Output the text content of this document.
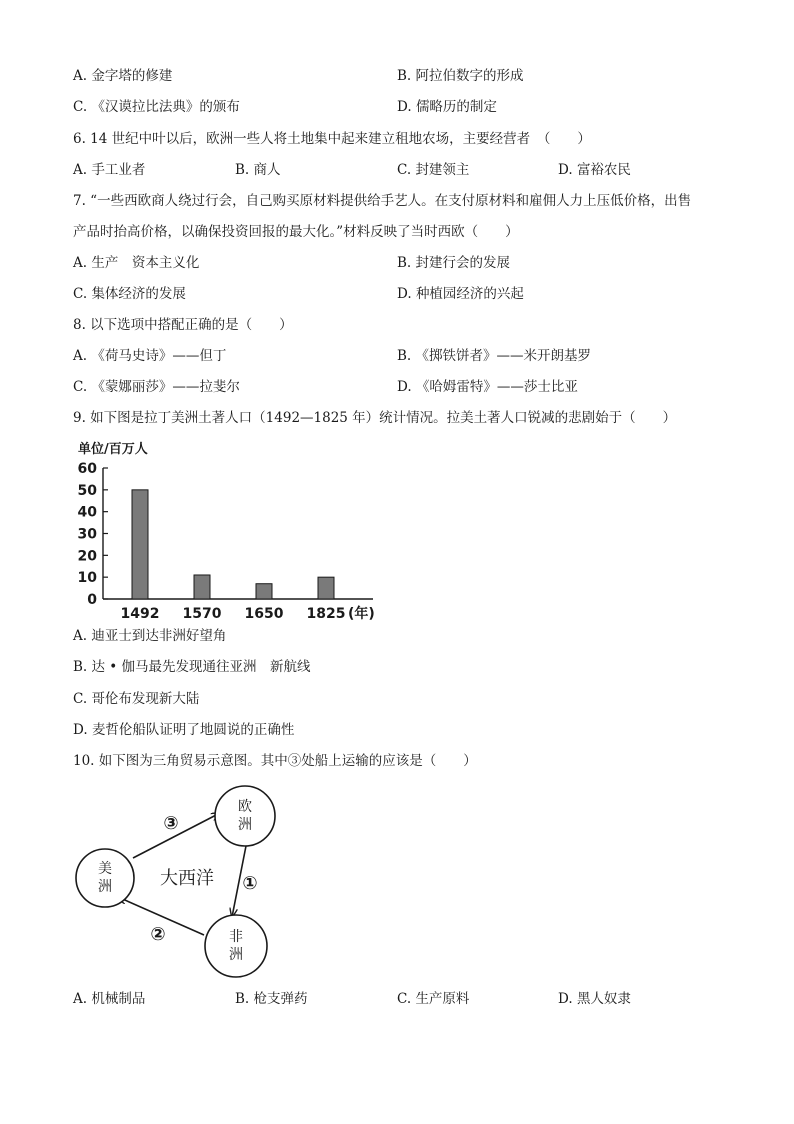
A. 金字塔的修建	B. 阿拉伯数字的形成
C. 《汉谟拉比法典》的颁布	D. 儒略历的制定
6. 14 世纪中叶以后，欧洲一些人将土地集中起来建立租地农场，主要经营者　（　　）
A. 手工业者	B. 商人	C. 封建领主	D. 富裕农民
7. “一些西欧商人绕过行会，自己购买原材料提供给手艺人。在支付原材料和雇佣人力上压低价格，出售
产品时抬高价格，以确保投资回报的最大化。”材料反映了当时西欧（　　）
A. 生产　资本主义化	B. 封建行会的发展
C. 集体经济的发展	D. 种植园经济的兴起
8. 以下选项中搭配正确的是（　　）
A. 《荷马史诗》——但丁	B. 《掷铁饼者》——米开朗基罗
C. 《蒙娜丽莎》——拉斐尔	D. 《哈姆雷特》——莎士比亚
9. 如下图是拉丁美洲土著人口（1492—1825 年）统计情况。拉美土著人口锐减的悲剧始于（　　）
单位/百万人
0
10
20
30
40
50
60
1492 1570 1650 1825 (年)
A. 迪亚士到达非洲好望角
B. 达 • 伽马最先发现通往亚洲　新航线
C. 哥伦布发现新大陆
D. 麦哲伦船队证明了地圆说的正确性
10. 如下图为三角贸易示意图。其中③处船上运输的应该是（　　）
欧
洲
美
洲
非
洲
大西洋 ①
②
③
A. 机械制品	B. 枪支弹药	C. 生产原料	D. 黑人奴隶
